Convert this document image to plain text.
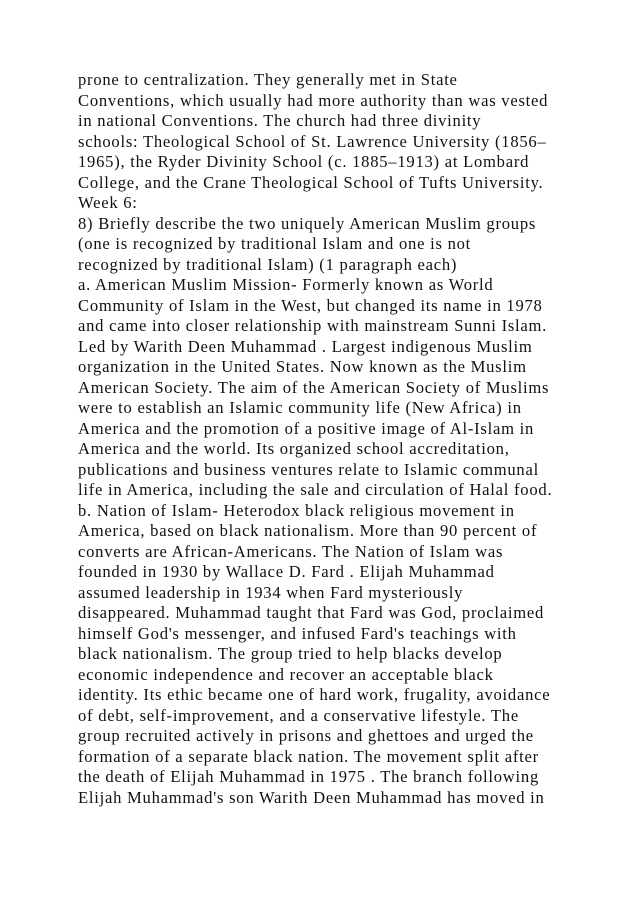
prone to centralization. They generally met in State
Conventions, which usually had more authority than was vested
in national Conventions. The church had three divinity
schools: Theological School of St. Lawrence University (1856–
1965), the Ryder Divinity School (c. 1885–1913) at Lombard
College, and the Crane Theological School of Tufts University.
Week 6:
8) Briefly describe the two uniquely American Muslim groups
(one is recognized by traditional Islam and one is not
recognized by traditional Islam) (1 paragraph each)
a. American Muslim Mission- Formerly known as World
Community of Islam in the West, but changed its name in 1978
and came into closer relationship with mainstream Sunni Islam.
Led by Warith Deen Muhammad . Largest indigenous Muslim
organization in the United States. Now known as the Muslim
American Society. The aim of the American Society of Muslims
were to establish an Islamic community life (New Africa) in
America and the promotion of a positive image of Al-Islam in
America and the world. Its organized school accreditation,
publications and business ventures relate to Islamic communal
life in America, including the sale and circulation of Halal food.
b. Nation of Islam- Heterodox black religious movement in
America, based on black nationalism. More than 90 percent of
converts are African-Americans. The Nation of Islam was
founded in 1930 by Wallace D. Fard . Elijah Muhammad
assumed leadership in 1934 when Fard mysteriously
disappeared. Muhammad taught that Fard was God, proclaimed
himself God's messenger, and infused Fard's teachings with
black nationalism. The group tried to help blacks develop
economic independence and recover an acceptable black
identity. Its ethic became one of hard work, frugality, avoidance
of debt, self-improvement, and a conservative lifestyle. The
group recruited actively in prisons and ghettoes and urged the
formation of a separate black nation. The movement split after
the death of Elijah Muhammad in 1975 . The branch following
Elijah Muhammad's son Warith Deen Muhammad has moved in
